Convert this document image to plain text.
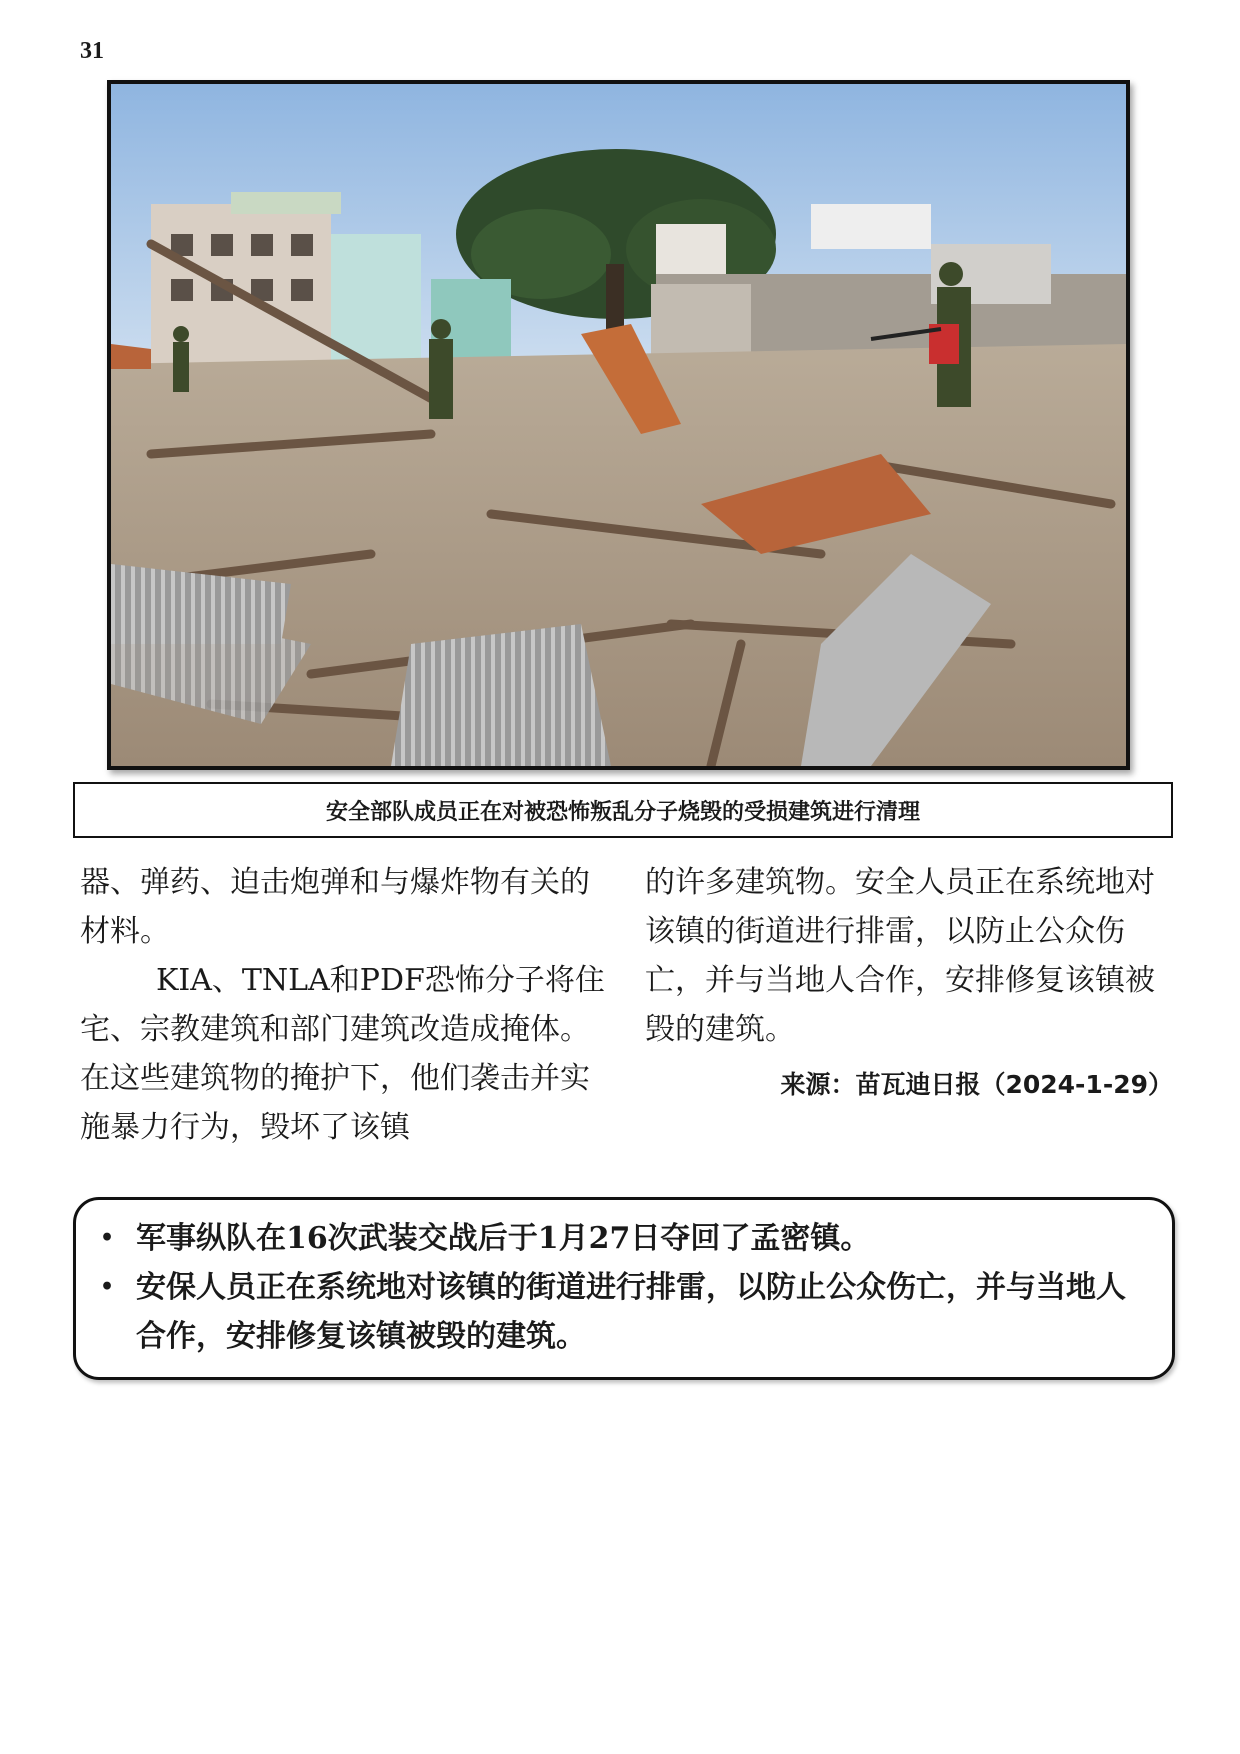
31
安全部队成员正在对被恐怖叛乱分子烧毁的受损建筑进行清理

器、弹药、迫击炮弹和与爆炸物有关的材料。

KIA、TNLA和PDF恐怖分子将住宅、宗教建筑和部门建筑改造成掩体。在这些建筑物的掩护下，他们袭击并实施暴力行为，毁坏了该镇

的许多建筑物。安全人员正在系统地对该镇的街道进行排雷，以防止公众伤亡，并与当地人合作，安排修复该镇被毁的建筑。

来源：苗瓦迪日报（2024-1-29）

• 军事纵队在16次武装交战后于1月27日夺回了孟密镇。
• 安保人员正在系统地对该镇的街道进行排雷，以防止公众伤亡，并与当地人合作，安排修复该镇被毁的建筑。
